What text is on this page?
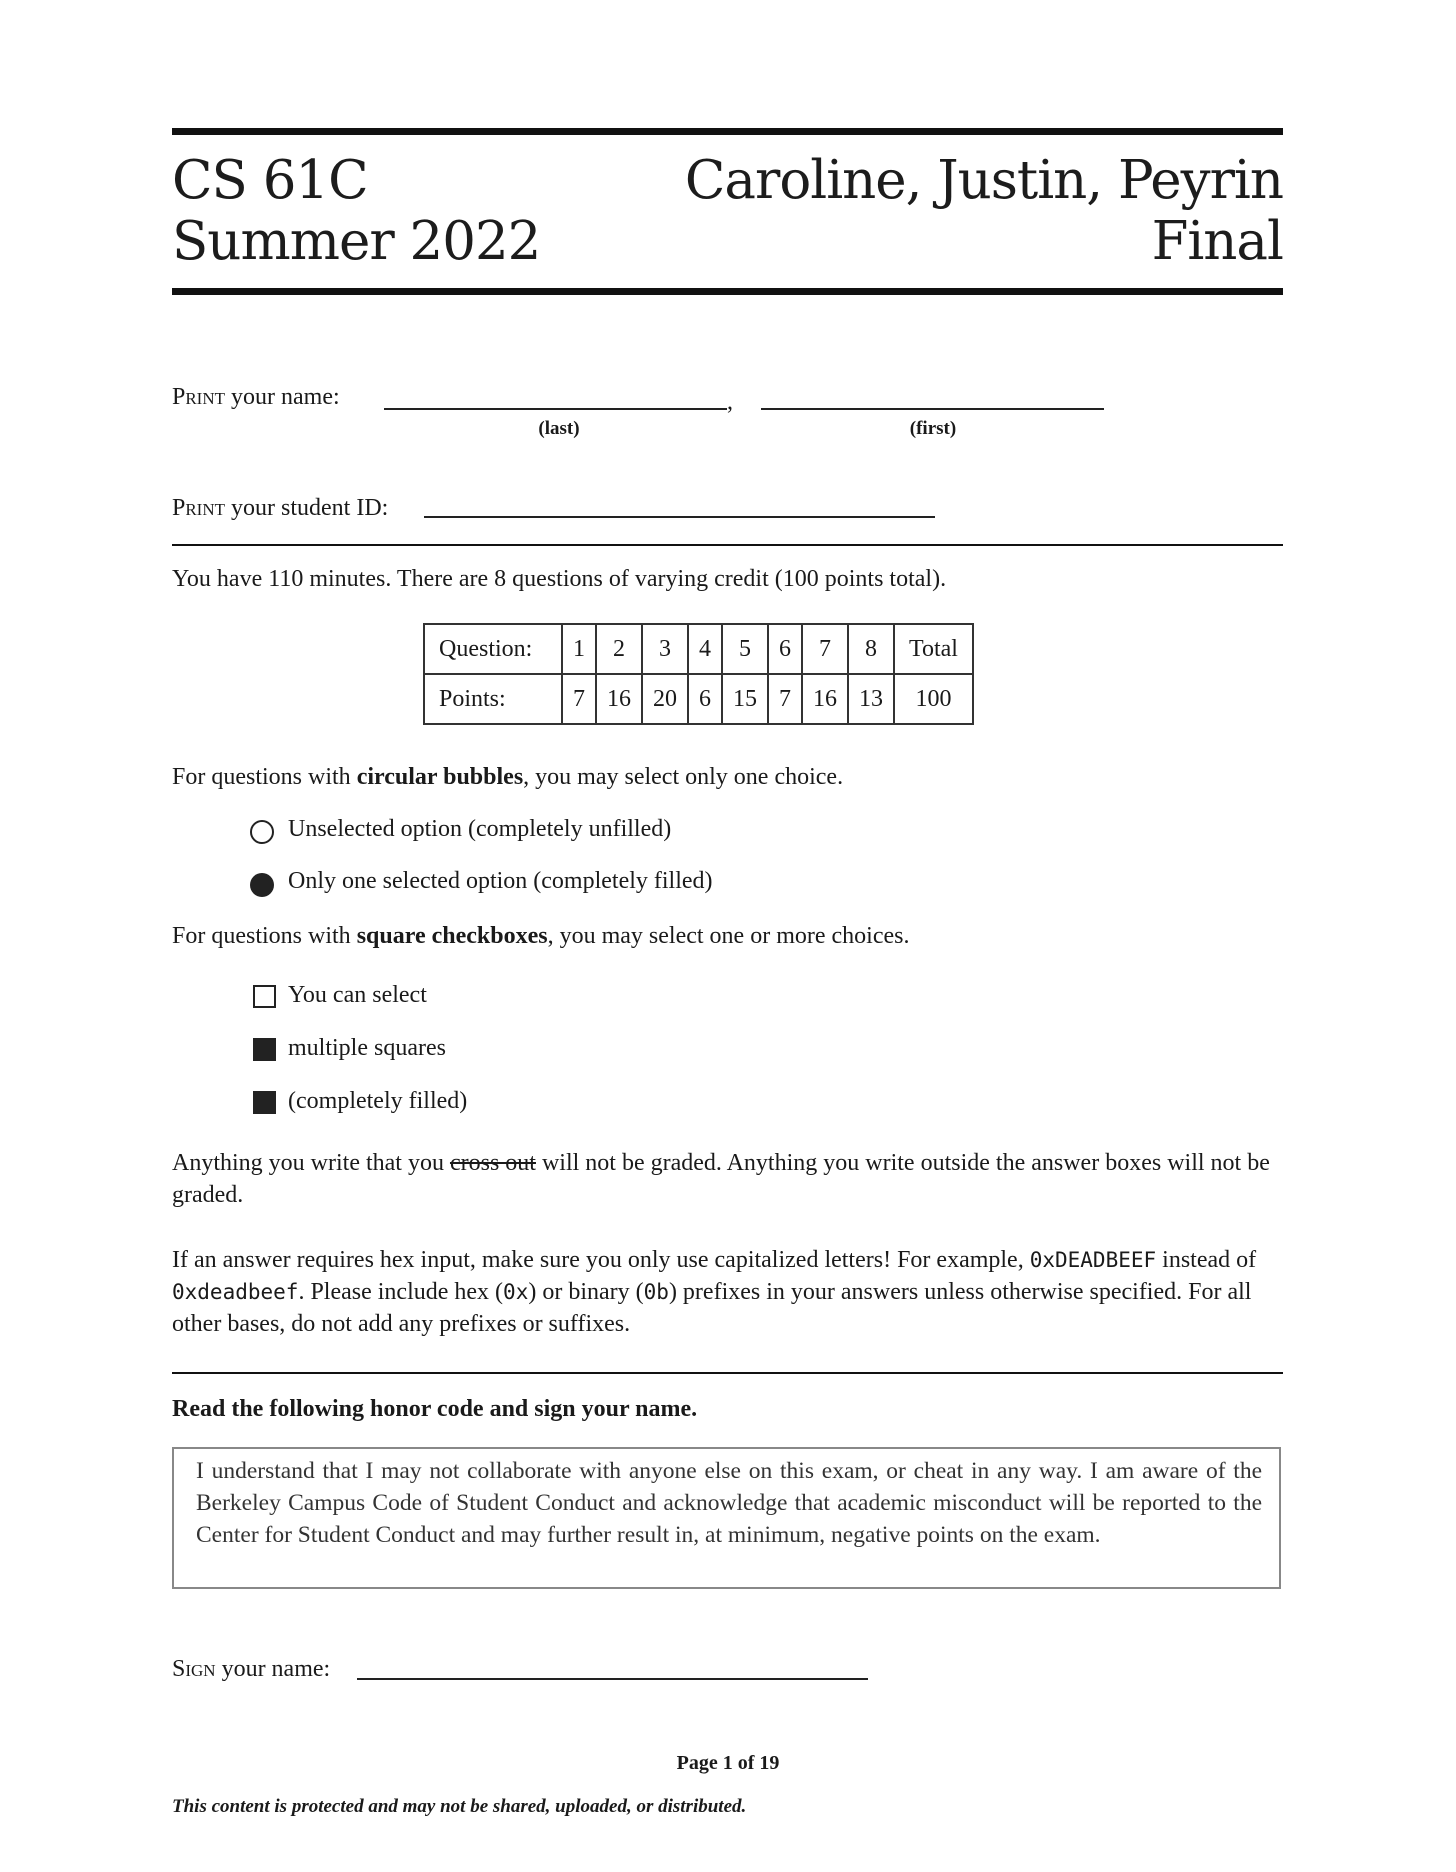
CS 61C
Summer 2022
Caroline, Justin, Peyrin
Final
Print your name:	,
(last)	(first)
Print your student ID:
You have 110 minutes. There are 8 questions of varying credit (100 points total).
Question:	1	2	3	4	5	6	7	8	Total
Points:	7	16	20	6	15	7	16	13	100
For questions with circular bubbles, you may select only one choice.
Unselected option (completely unfilled)
Only one selected option (completely filled)
For questions with square checkboxes, you may select one or more choices.
You can select
multiple squares
(completely filled)
Anything you write that you cross out will not be graded. Anything you write outside the answer boxes will not be graded.
If an answer requires hex input, make sure you only use capitalized letters! For example, 0xDEADBEEF instead of 0xdeadbeef. Please include hex (0x) or binary (0b) prefixes in your answers unless otherwise specified. For all other bases, do not add any prefixes or suffixes.
Read the following honor code and sign your name.
I understand that I may not collaborate with anyone else on this exam, or cheat in any way. I am aware of the Berkeley Campus Code of Student Conduct and acknowledge that academic misconduct will be reported to the Center for Student Conduct and may further result in, at minimum, negative points on the exam.
Sign your name:
Page 1 of 19
This content is protected and may not be shared, uploaded, or distributed.
